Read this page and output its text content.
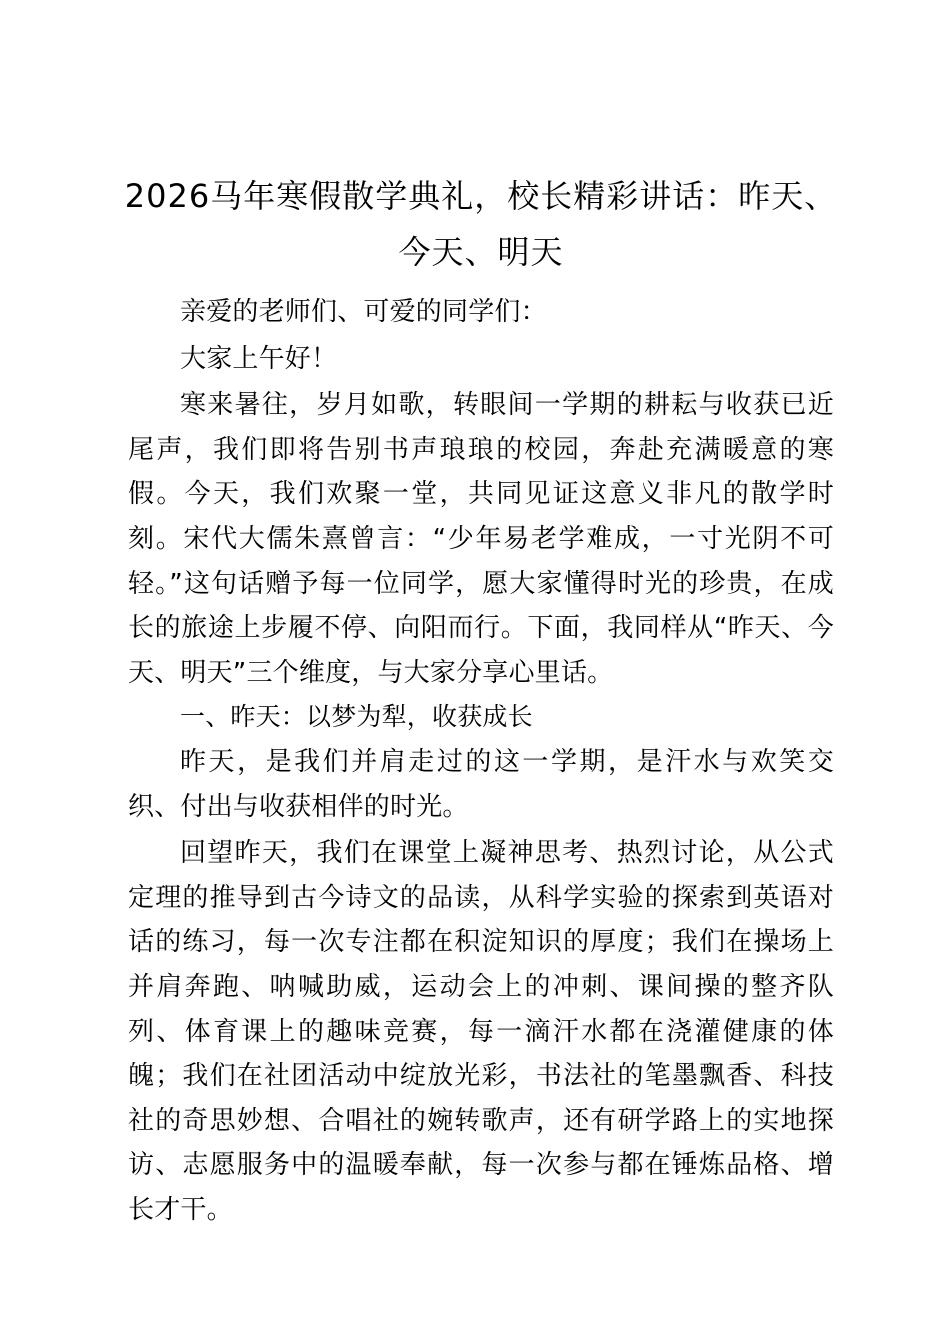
2026马年寒假散学典礼，校长精彩讲话：昨天、今天、明天

亲爱的老师们、可爱的同学们：

大家上午好！

寒来暑往，岁月如歌，转眼间一学期的耕耘与收获已近尾声，我们即将告别书声琅琅的校园，奔赴充满暖意的寒假。今天，我们欢聚一堂，共同见证这意义非凡的散学时刻。宋代大儒朱熹曾言：“少年易老学难成，一寸光阴不可轻。”这句话赠予每一位同学，愿大家懂得时光的珍贵，在成长的旅途上步履不停、向阳而行。下面，我同样从“昨天、今天、明天”三个维度，与大家分享心里话。

一、昨天：以梦为犁，收获成长

昨天，是我们并肩走过的这一学期，是汗水与欢笑交织、付出与收获相伴的时光。

回望昨天，我们在课堂上凝神思考、热烈讨论，从公式定理的推导到古今诗文的品读，从科学实验的探索到英语对话的练习，每一次专注都在积淀知识的厚度；我们在操场上并肩奔跑、呐喊助威，运动会上的冲刺、课间操的整齐队列、体育课上的趣味竞赛，每一滴汗水都在浇灌健康的体魄；我们在社团活动中绽放光彩，书法社的笔墨飘香、科技社的奇思妙想、合唱社的婉转歌声，还有研学路上的实地探访、志愿服务中的温暖奉献，每一次参与都在锤炼品格、增长才干。
